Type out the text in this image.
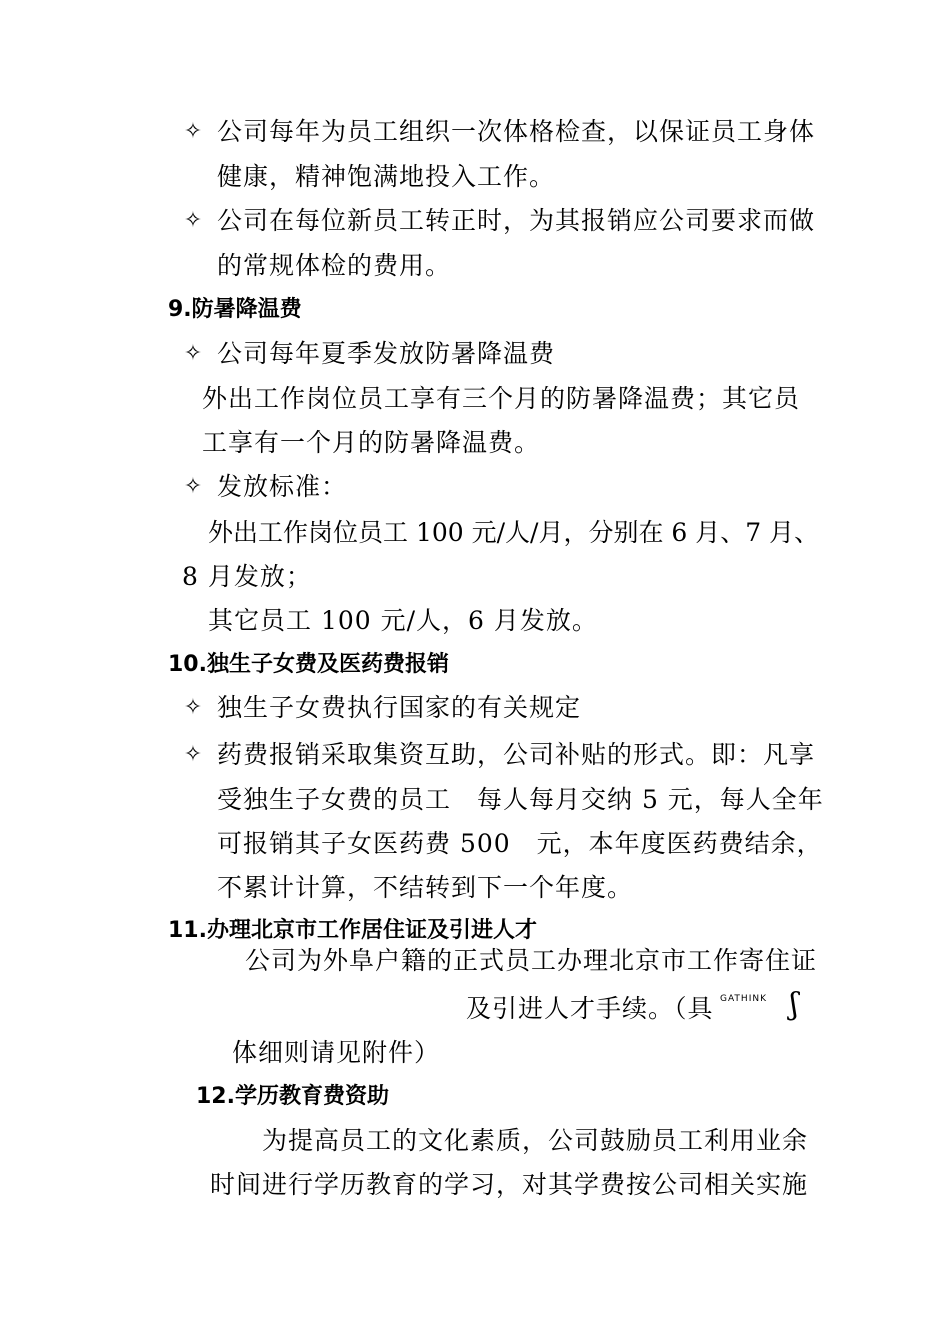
✧ 公司每年为员工组织一次体格检查，以保证员工身体
健康，精神饱满地投入工作。
✧ 公司在每位新员工转正时，为其报销应公司要求而做
的常规体检的费用。
9.防暑降温费
✧ 公司每年夏季发放防暑降温费
外出工作岗位员工享有三个月的防暑降温费；其它员
工享有一个月的防暑降温费。
✧ 发放标准：
外出工作岗位员工 100 元/人/月，分别在 6 月、7 月、
8 月发放；
其它员工 100 元/人，6 月发放。
10.独生子女费及医药费报销
✧ 独生子女费执行国家的有关规定
✧ 药费报销采取集资互助，公司补贴的形式。即：凡享
受独生子女费的员工　每人每月交纳 5 元，每人全年
可报销其子女医药费 500　元，本年度医药费结余，
不累计计算，不结转到下一个年度。
11.办理北京市工作居住证及引进人才
公司为外阜户籍的正式员工办理北京市工作寄住证
及引进人才手续。（具 GATHINK ʃ
体细则请见附件）
12.学历教育费资助
为提高员工的文化素质，公司鼓励员工利用业余
时间进行学历教育的学习，对其学费按公司相关实施
